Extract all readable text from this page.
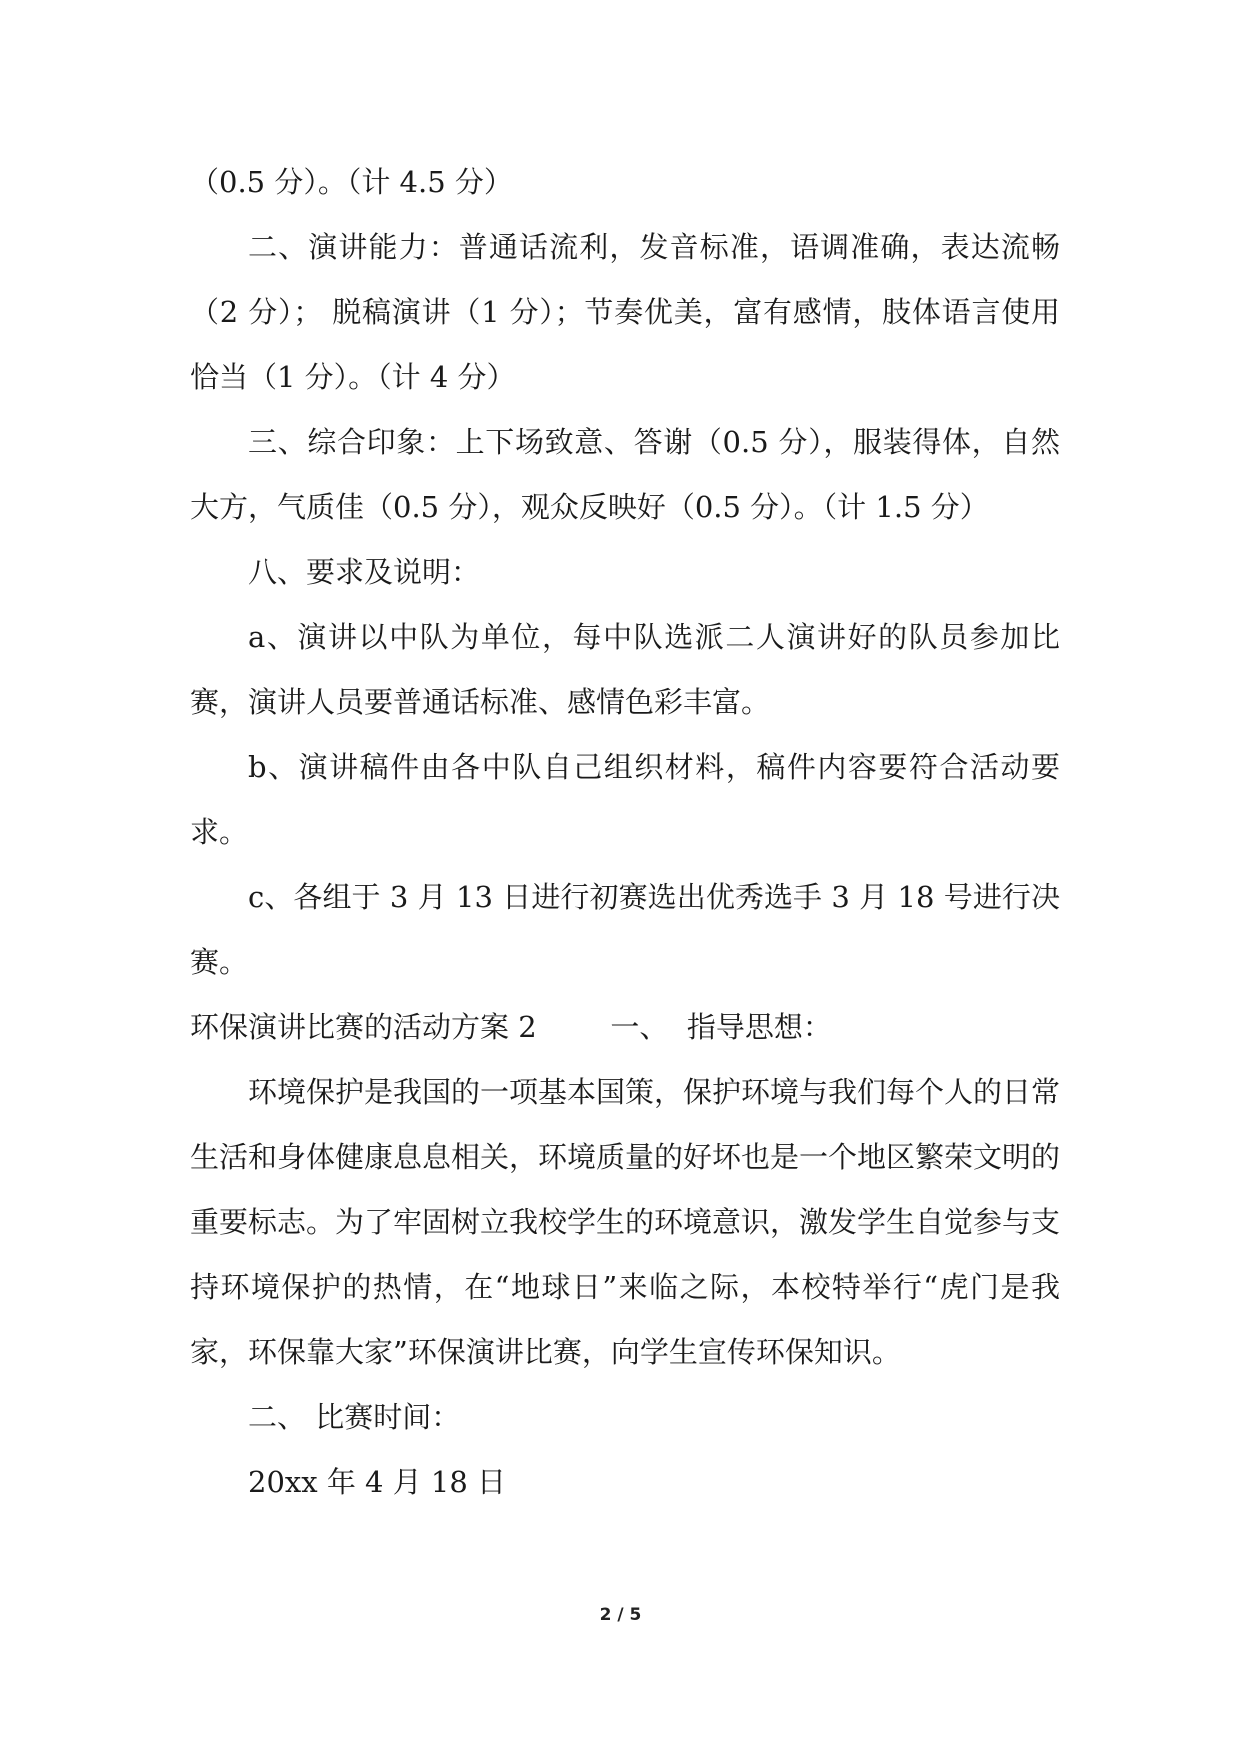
（0.5 分）。（计 4.5 分）

二、演讲能力：普通话流利，发音标准，语调准确，表达流畅（2 分）； 脱稿演讲（1 分）；节奏优美，富有感情，肢体语言使用恰当（1 分）。（计 4 分）

三、综合印象：上下场致意、答谢（0.5 分），服装得体，自然大方，气质佳（0.5 分），观众反映好（0.5 分）。（计 1.5 分）

八、要求及说明：

a、演讲以中队为单位，每中队选派二人演讲好的队员参加比赛，演讲人员要普通话标准、感情色彩丰富。

b、演讲稿件由各中队自己组织材料，稿件内容要符合活动要求。

c、各组于 3 月 13 日进行初赛选出优秀选手 3 月 18 号进行决赛。

环保演讲比赛的活动方案 2        一、  指导思想：

环境保护是我国的一项基本国策，保护环境与我们每个人的日常生活和身体健康息息相关，环境质量的好坏也是一个地区繁荣文明的重要标志。为了牢固树立我校学生的环境意识，激发学生自觉参与支持环境保护的热情，在“地球日”来临之际，本校特举行“虎门是我家，环保靠大家”环保演讲比赛，向学生宣传环保知识。

二、 比赛时间：

20xx 年 4 月 18 日

2 / 5
